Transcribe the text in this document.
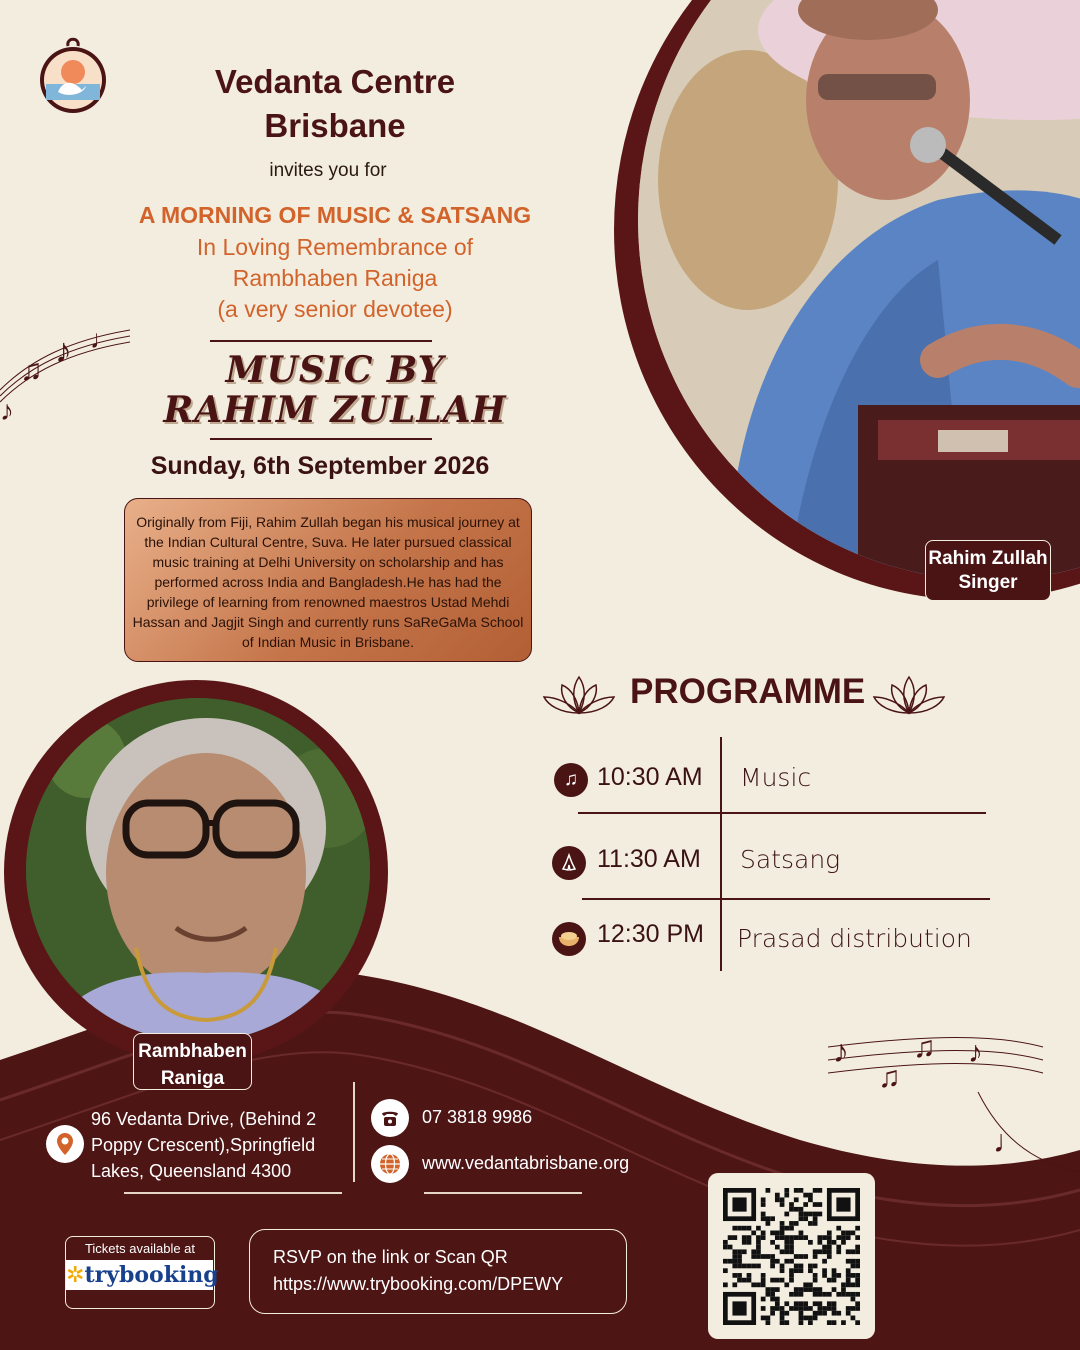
♫
♪ ♩
♪
♪
♫
♫ ♪
♩
Vedanta Centre
Brisbane
invites you for
A MORNING OF MUSIC & SATSANG
In Loving Remembrance of
Rambhaben Raniga
(a very senior devotee)
MUSIC BY
RAHIM ZULLAH
Sunday, 6th September 2026
Originally from Fiji, Rahim Zullah began his musical journey at the Indian Cultural Centre, Suva. He later pursued classical music training at Delhi University on scholarship and has performed across India and Bangladesh.He has had the privilege of learning from renowned maestros Ustad Mehdi Hassan and Jagjit Singh and currently runs SaReGaMa School of Indian Music in Brisbane.
Rahim Zullah
Singer
Rambhaben
Raniga
PROGRAMME
♫ 10:30 AM Music
11:30 AM Satsang
12:30 PM Prasad distribution
96 Vedanta Drive, (Behind 2
Poppy Crescent),Springfield
Lakes, Queensland 4300
07 3818 9986
www.vedantabrisbane.org
Tickets available at
✲trybooking
RSVP on the link or Scan QR
https://www.trybooking.com/DPEWY
